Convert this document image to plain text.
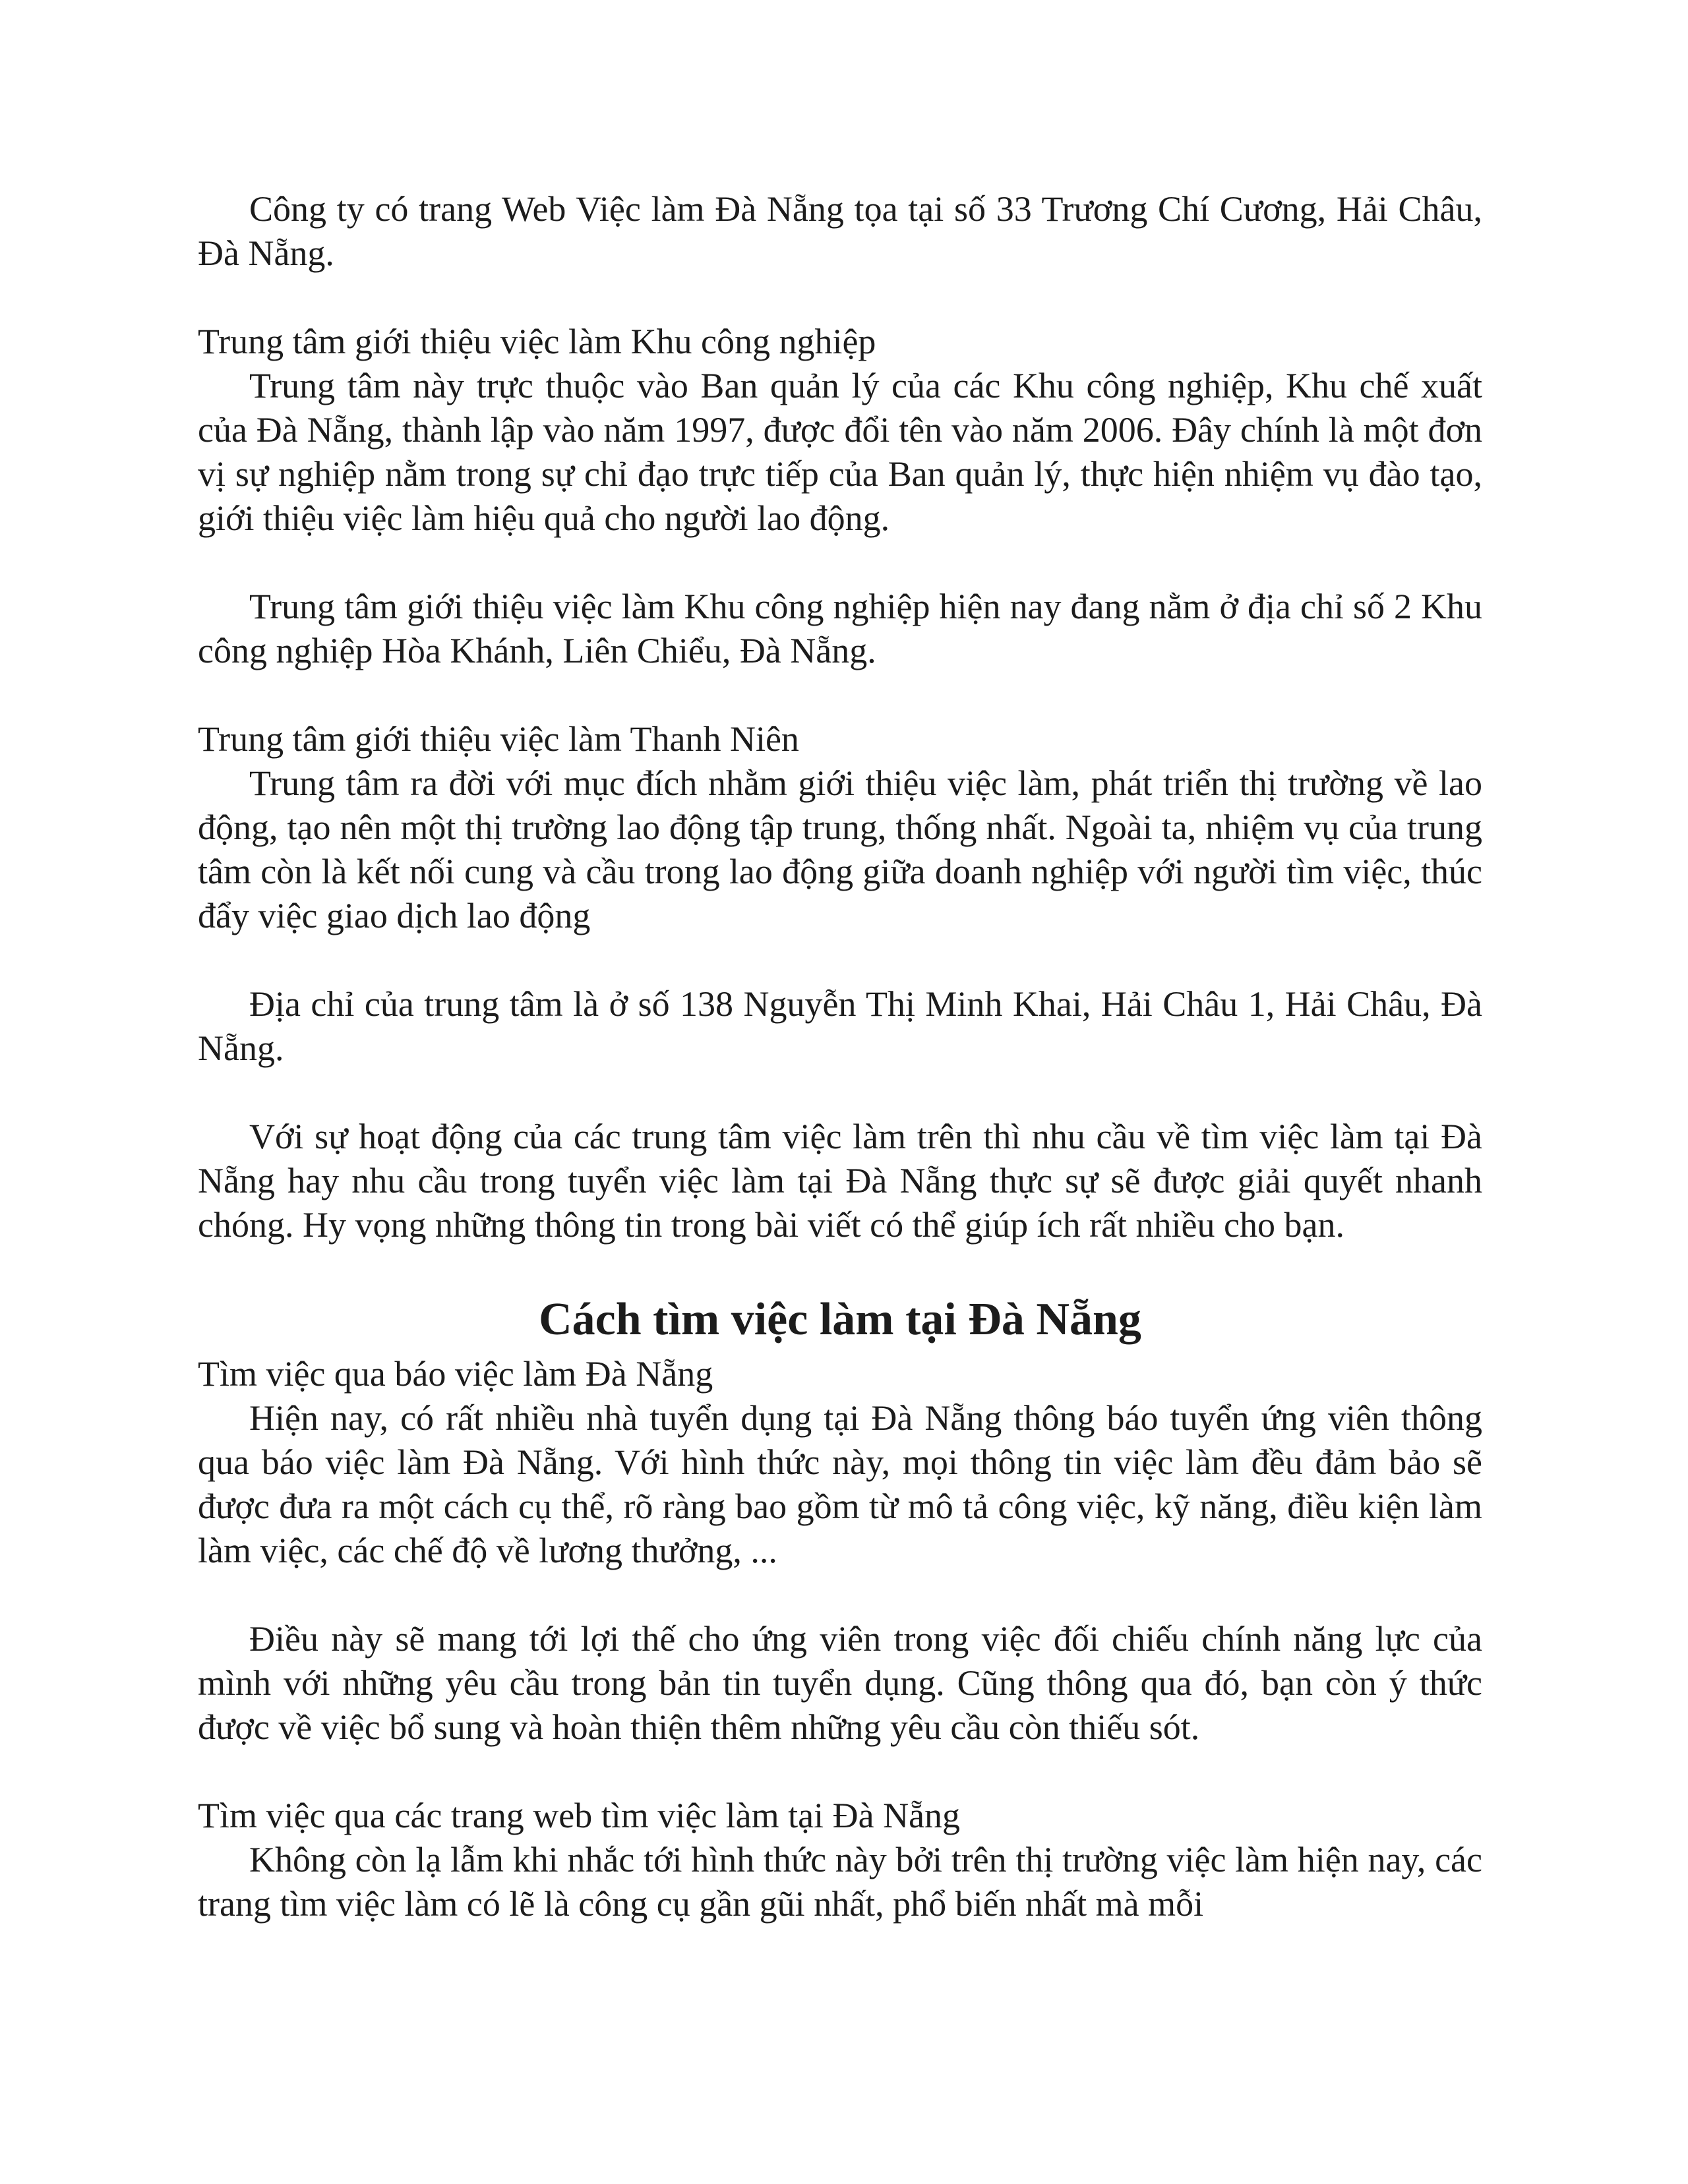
Công ty có trang Web Việc làm Đà Nẵng tọa tại số 33 Trương Chí Cương, Hải Châu, Đà Nẵng.

Trung tâm giới thiệu việc làm Khu công nghiệp

Trung tâm này trực thuộc vào Ban quản lý của các Khu công nghiệp, Khu chế xuất của Đà Nẵng, thành lập vào năm 1997, được đổi tên vào năm 2006. Đây chính là một đơn vị sự nghiệp nằm trong sự chỉ đạo trực tiếp của Ban quản lý, thực hiện nhiệm vụ đào tạo, giới thiệu việc làm hiệu quả cho người lao động.

Trung tâm giới thiệu việc làm Khu công nghiệp hiện nay đang nằm ở địa chỉ số 2 Khu công nghiệp Hòa Khánh, Liên Chiểu, Đà Nẵng.

Trung tâm giới thiệu việc làm Thanh Niên

Trung tâm ra đời với mục đích nhằm giới thiệu việc làm, phát triển thị trường về lao động, tạo nên một thị trường lao động tập trung, thống nhất. Ngoài ta, nhiệm vụ của trung tâm còn là kết nối cung và cầu trong lao động giữa doanh nghiệp với người tìm việc, thúc đẩy việc giao dịch lao động

Địa chỉ của trung tâm là ở số 138 Nguyễn Thị Minh Khai, Hải Châu 1, Hải Châu, Đà Nẵng.

Với sự hoạt động của các trung tâm việc làm trên thì nhu cầu về tìm việc làm tại Đà Nẵng hay nhu cầu trong tuyển việc làm tại Đà Nẵng thực sự sẽ được giải quyết nhanh chóng. Hy vọng những thông tin trong bài viết có thể giúp ích rất nhiều cho bạn.

Cách tìm việc làm tại Đà Nẵng

Tìm việc qua báo việc làm Đà Nẵng

Hiện nay, có rất nhiều nhà tuyển dụng tại Đà Nẵng thông báo tuyển ứng viên thông qua báo việc làm Đà Nẵng. Với hình thức này, mọi thông tin việc làm đều đảm bảo sẽ được đưa ra một cách cụ thể, rõ ràng bao gồm từ mô tả công việc, kỹ năng, điều kiện làm làm việc, các chế độ về lương thưởng, ...

Điều này sẽ mang tới lợi thế cho ứng viên trong việc đối chiếu chính năng lực của mình với những yêu cầu trong bản tin tuyển dụng. Cũng thông qua đó, bạn còn ý thức được về việc bổ sung và hoàn thiện thêm những yêu cầu còn thiếu sót.

Tìm việc qua các trang web tìm việc làm tại Đà Nẵng

Không còn lạ lẫm khi nhắc tới hình thức này bởi trên thị trường việc làm hiện nay, các trang tìm việc làm có lẽ là công cụ gần gũi nhất, phổ biến nhất mà mỗi
